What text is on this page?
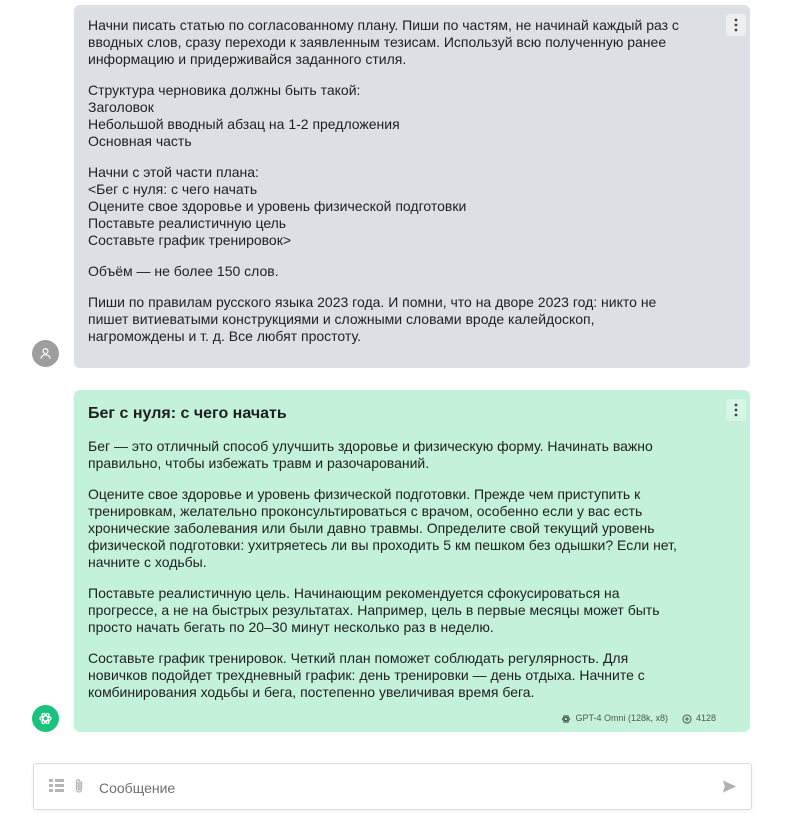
Начни писать статью по согласованному плану. Пиши по частям, не начинай каждый раз с
вводных слов, сразу переходи к заявленным тезисам. Используй всю полученную ранее
информацию и придерживайся заданного стиля.

Структура черновика должны быть такой:
Заголовок
Небольшой вводный абзац на 1-2 предложения
Основная часть

Начни с этой части плана:
<Бег с нуля: с чего начать
Оцените свое здоровье и уровень физической подготовки
Поставьте реалистичную цель
Составьте график тренировок>

Объём — не более 150 слов.

Пиши по правилам русского языка 2023 года. И помни, что на дворе 2023 год: никто не
пишет витиеватыми конструкциями и сложными словами вроде калейдоскоп,
нагромождены и т. д. Все любят простоту.

Бег с нуля: с чего начать

Бег — это отличный способ улучшить здоровье и физическую форму. Начинать важно
правильно, чтобы избежать травм и разочарований.

Оцените свое здоровье и уровень физической подготовки. Прежде чем приступить к
тренировкам, желательно проконсультироваться с врачом, особенно если у вас есть
хронические заболевания или были давно травмы. Определите свой текущий уровень
физической подготовки: ухитряетесь ли вы проходить 5 км пешком без одышки? Если нет,
начните с ходьбы.

Поставьте реалистичную цель. Начинающим рекомендуется сфокусироваться на
прогрессе, а не на быстрых результатах. Например, цель в первые месяцы может быть
просто начать бегать по 20–30 минут несколько раз в неделю.

Составьте график тренировок. Четкий план поможет соблюдать регулярность. Для
новичков подойдет трехдневный график: день тренировки — день отдыха. Начните с
комбинирования ходьбы и бега, постепенно увеличивая время бега.

GPT-4 Omni (128k, x8)	4128
Сообщение
